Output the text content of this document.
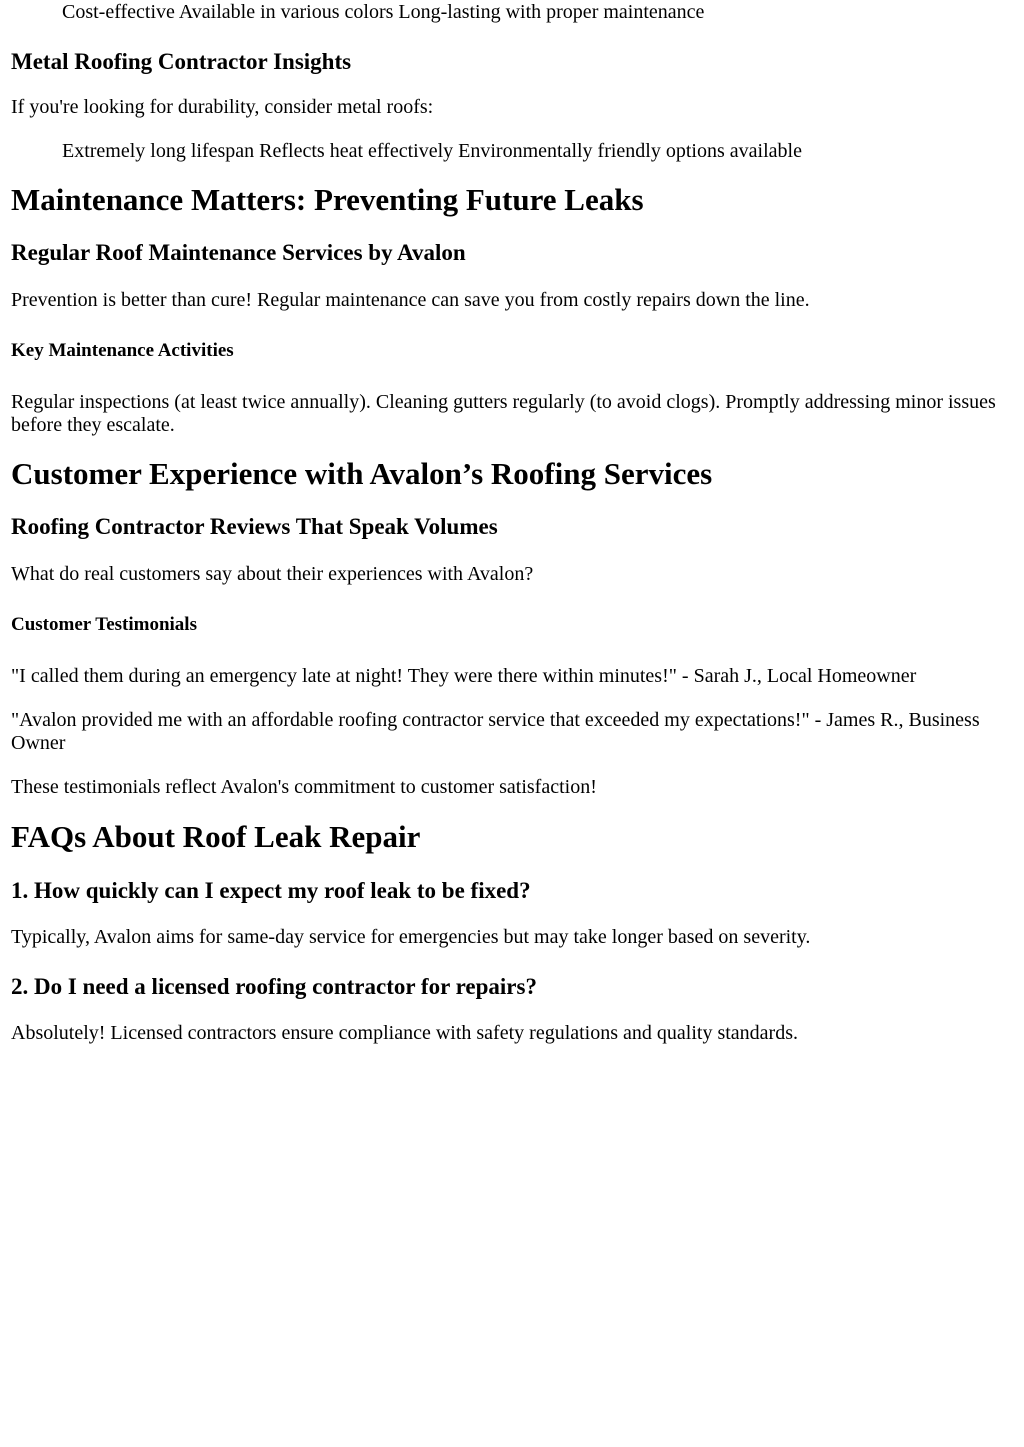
Cost-effective Available in various colors Long-lasting with proper maintenance

Metal Roofing Contractor Insights

If you're looking for durability, consider metal roofs:

Extremely long lifespan Reflects heat effectively Environmentally friendly options available

Maintenance Matters: Preventing Future Leaks
Regular Roof Maintenance Services by Avalon

Prevention is better than cure! Regular maintenance can save you from costly repairs down the line.

Key Maintenance Activities

Regular inspections (at least twice annually). Cleaning gutters regularly (to avoid clogs). Promptly addressing minor issues before they escalate.

Customer Experience with Avalon’s Roofing Services
Roofing Contractor Reviews That Speak Volumes

What do real customers say about their experiences with Avalon?

Customer Testimonials

"I called them during an emergency late at night! They were there within minutes!" - Sarah J., Local Homeowner

"Avalon provided me with an affordable roofing contractor service that exceeded my expectations!" - James R., Business Owner

These testimonials reflect Avalon's commitment to customer satisfaction!

FAQs About Roof Leak Repair
1. How quickly can I expect my roof leak to be fixed?

Typically, Avalon aims for same-day service for emergencies but may take longer based on severity.

2. Do I need a licensed roofing contractor for repairs?

Absolutely! Licensed contractors ensure compliance with safety regulations and quality standards.
